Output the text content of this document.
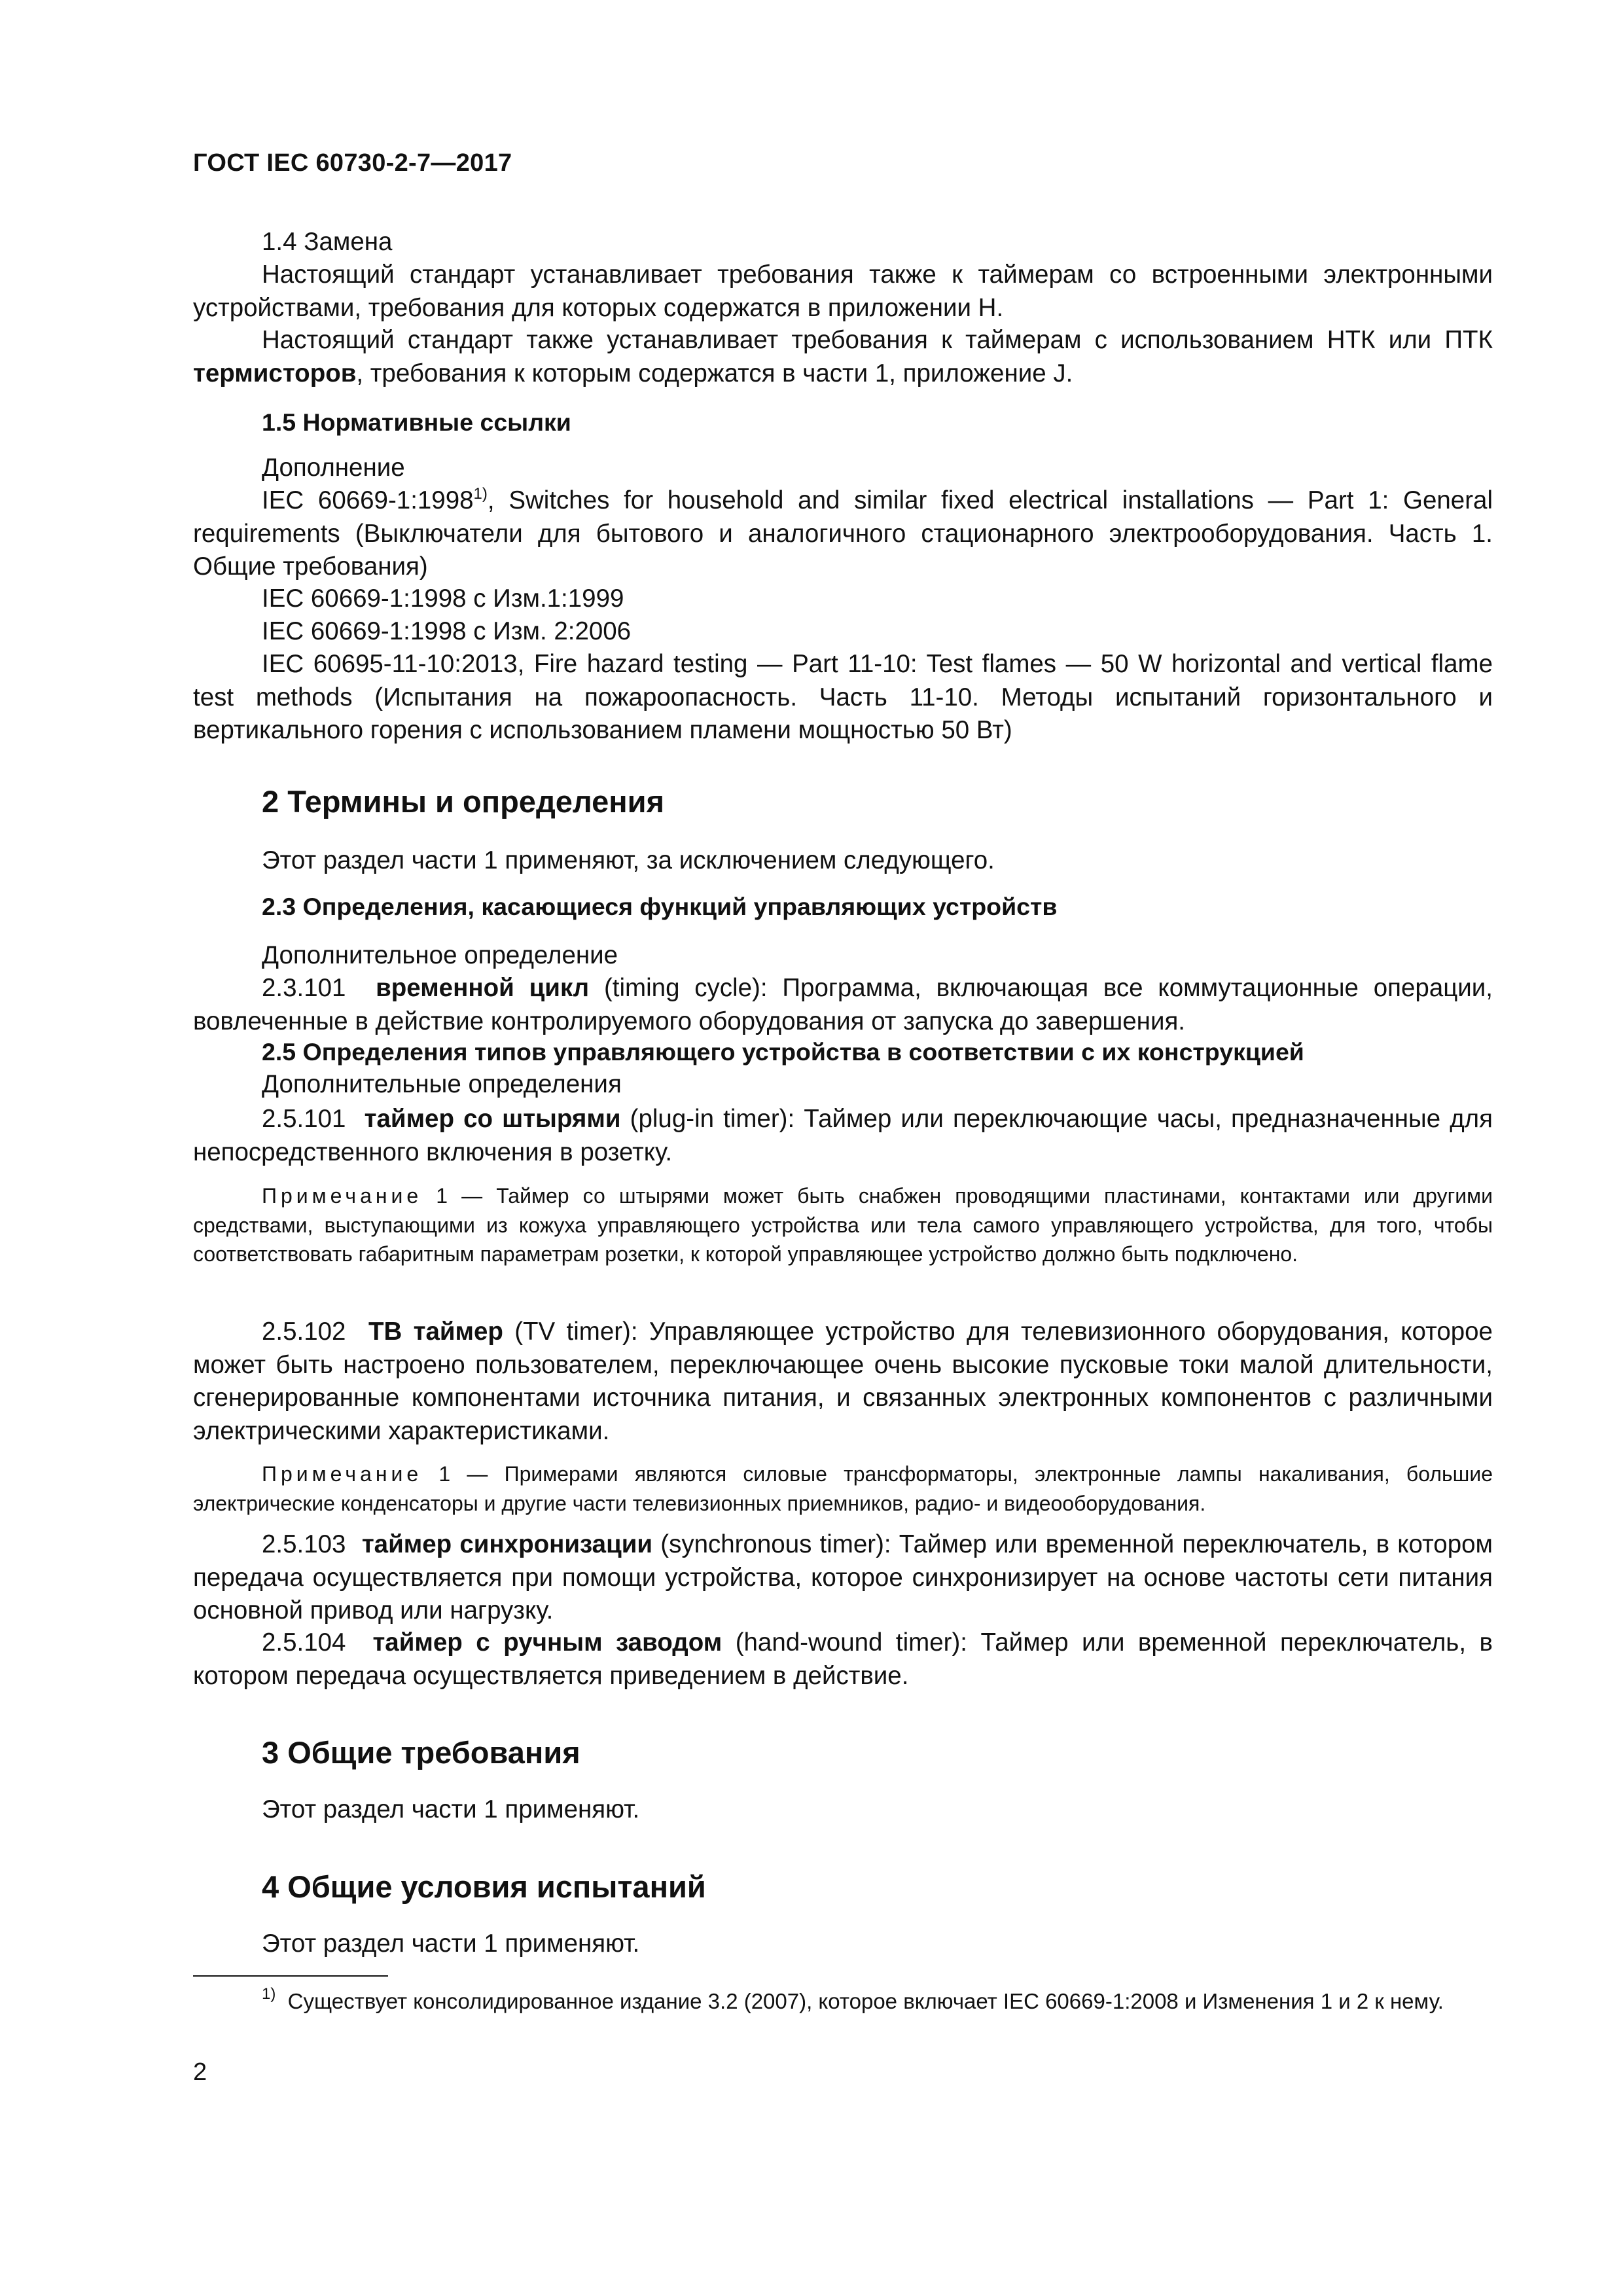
ГОСТ IEC 60730-2-7—2017

1.4 Замена

Настоящий стандарт устанавливает требования также к таймерам со встроенными электронными устройствами, требования для которых содержатся в приложении Н.

Настоящий стандарт также устанавливает требования к таймерам с использованием НТК или ПТК термисторов, требования к которым содержатся в части 1, приложение J.

1.5 Нормативные ссылки

Дополнение

IEC 60669-1:1998$^{1)}$, Switches for household and similar fixed electrical installations — Part 1: General requirements (Выключатели для бытового и аналогичного стационарного электрооборудования. Часть 1. Общие требования)

IEC 60669-1:1998 с Изм.1:1999

IEC 60669-1:1998 с Изм. 2:2006

IEC 60695-11-10:2013, Fire hazard testing — Part 11-10: Test flames — 50 W horizontal and vertical flame test methods (Испытания на пожароопасность. Часть 11-10. Методы испытаний горизонтального и вертикального горения с использованием пламени мощностью 50 Вт)

2 Термины и определения

Этот раздел части 1 применяют, за исключением следующего.

2.3 Определения, касающиеся функций управляющих устройств

Дополнительное определение

2.3.101  временной цикл (timing cycle): Программа, включающая все коммутационные операции, вовлеченные в действие контролируемого оборудования от запуска до завершения.

2.5 Определения типов управляющего устройства в соответствии с их конструкцией

Дополнительные определения

2.5.101  таймер со штырями (plug-in timer): Таймер или переключающие часы, предназначенные для непосредственного включения в розетку.

Примечание 1 — Таймер со штырями может быть снабжен проводящими пластинами, контактами или другими средствами, выступающими из кожуха управляющего устройства или тела самого управляющего устройства, для того, чтобы соответствовать габаритным параметрам розетки, к которой управляющее устройство должно быть подключено.

2.5.102  ТВ таймер (TV timer): Управляющее устройство для телевизионного оборудования, которое может быть настроено пользователем, переключающее очень высокие пусковые токи малой длительности, сгенерированные компонентами источника питания, и связанных электронных компонентов с различными электрическими характеристиками.

Примечание 1 — Примерами являются силовые трансформаторы, электронные лампы накаливания, большие электрические конденсаторы и другие части телевизионных приемников, радио- и видеооборудования.

2.5.103  таймер синхронизации (synchronous timer): Таймер или временной переключатель, в котором передача осуществляется при помощи устройства, которое синхронизирует на основе частоты сети питания основной привод или нагрузку.

2.5.104  таймер с ручным заводом (hand-wound timer): Таймер или временной переключатель, в котором передача осуществляется приведением в действие.

3 Общие требования

Этот раздел части 1 применяют.

4 Общие условия испытаний

Этот раздел части 1 применяют.

$^{1)}$  Существует консолидированное издание 3.2 (2007), которое включает IEC 60669-1:2008 и Изменения 1 и 2 к нему.

2
